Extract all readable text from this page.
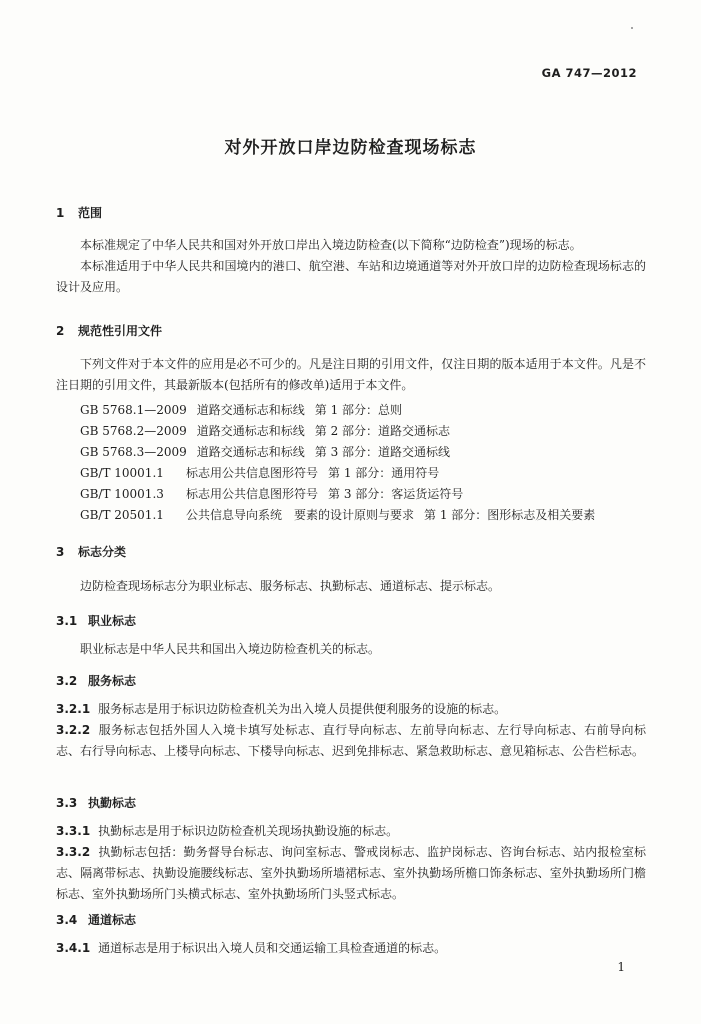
GA 747—2012
对外开放口岸边防检查现场标志
1 范围

本标准规定了中华人民共和国对外开放口岸出入境边防检查(以下简称“边防检查”)现场的标志。

本标准适用于中华人民共和国境内的港口、航空港、车站和边境通道等对外开放口岸的边防检查现场标志的设计及应用。

2 规范性引用文件

下列文件对于本文件的应用是必不可少的。凡是注日期的引用文件，仅注日期的版本适用于本文件。凡是不注日期的引用文件，其最新版本(包括所有的修改单)适用于本文件。

GB 5768.1—2009 道路交通标志和标线 第 1 部分：总则
GB 5768.2—2009 道路交通标志和标线 第 2 部分：道路交通标志
GB 5768.3—2009 道路交通标志和标线 第 3 部分：道路交通标线
GB/T 10001.1 标志用公共信息图形符号 第 1 部分：通用符号
GB/T 10001.3 标志用公共信息图形符号 第 3 部分：客运货运符号
GB/T 20501.1 公共信息导向系统　要素的设计原则与要求 第 1 部分：图形标志及相关要素
3 标志分类

边防检查现场标志分为职业标志、服务标志、执勤标志、通道标志、提示标志。

3.1 职业标志

职业标志是中华人民共和国出入境边防检查机关的标志。

3.2 服务标志

3.2.1 服务标志是用于标识边防检查机关为出入境人员提供便利服务的设施的标志。

3.2.2 服务标志包括外国人入境卡填写处标志、直行导向标志、左前导向标志、左行导向标志、右前导向标志、右行导向标志、上楼导向标志、下楼导向标志、迟到免排标志、紧急救助标志、意见箱标志、公告栏标志。

3.3 执勤标志

3.3.1 执勤标志是用于标识边防检查机关现场执勤设施的标志。

3.3.2 执勤标志包括：勤务督导台标志、询问室标志、警戒岗标志、监护岗标志、咨询台标志、站内报检室标志、隔离带标志、执勤设施腰线标志、室外执勤场所墙裙标志、室外执勤场所檐口饰条标志、室外执勤场所门檐标志、室外执勤场所门头横式标志、室外执勤场所门头竖式标志。

3.4 通道标志

3.4.1 通道标志是用于标识出入境人员和交通运输工具检查通道的标志。

1
